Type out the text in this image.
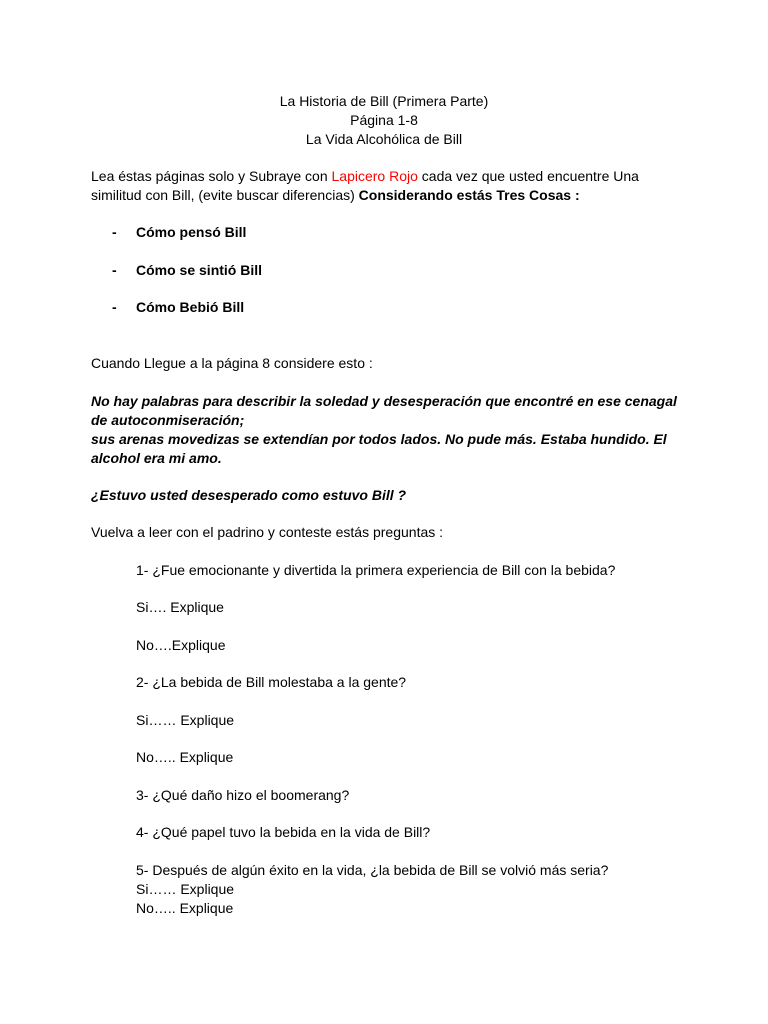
La Historia de Bill (Primera Parte)
Página 1-8
La Vida Alcohólica de Bill
Lea éstas páginas solo y Subraye con Lapicero Rojo cada vez que usted encuentre Una
similitud con Bill, (evite buscar diferencias) Considerando estás Tres Cosas :
- Cómo pensó Bill
- Cómo se sintió Bill
- Cómo Bebió Bill
Cuando Llegue a la página 8 considere esto :
No hay palabras para describir la soledad y desesperación que encontré en ese cenagal
de autoconmiseración;
sus arenas movedizas se extendían por todos lados. No pude más. Estaba hundido. El
alcohol era mi amo.
¿Estuvo usted desesperado como estuvo Bill ?
Vuelva a leer con el padrino y conteste estás preguntas :
1- ¿Fue emocionante y divertida la primera experiencia de Bill con la bebida?
Si…. Explique
No….Explique
2- ¿La bebida de Bill molestaba a la gente?
Si…… Explique
No….. Explique
3- ¿Qué daño hizo el boomerang?
4- ¿Qué papel tuvo la bebida en la vida de Bill?
5- Después de algún éxito en la vida, ¿la bebida de Bill se volvió más seria?
Si…… Explique
No….. Explique
